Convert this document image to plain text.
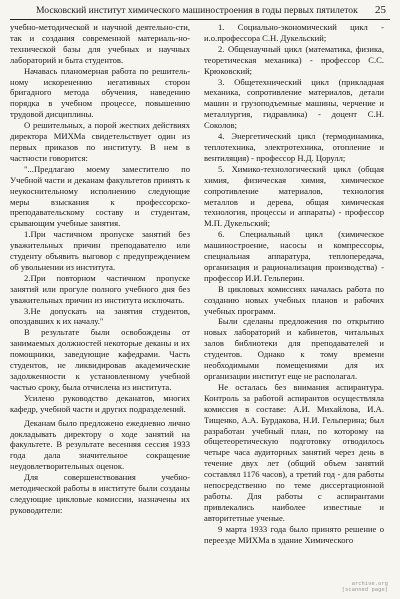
Московский институт химического машиностроения в годы первых пятилеток 25

учебно-методической и научной деятельно-сти, так и создания современной материаль-но-технической базы для учебных и научных лабораторий и быта студентов.

Начавась планомерная работа по решитель-ному искоренению негативных сторон бригадного метода обучения, наведению порядка в учебном процессе, повышению трудовой дисциплины.

О решительных, а порой жестких действиях директора МИХМа свидетельствует один из первых приказов по институту. В нем в частности говорится:

"...Предлагаю моему заместителю по Учебной части и деканам факультетов принять к неукоснительному исполнению следующие меры взыскания к профессорско-преподавательскому составу и студентам, срывающим учебные занятия.

1.При частичном пропуске занятий без уважительных причин преподавателю или студенту объявить выговор с предупреждением об увольнении из института.

2.При повторном частичном пропуске занятий или прогуле полного учебного дня без уважительных причин из института исключать.

3.Не допускать на занятия студентов, опоздавших к их началу."

В результате были освобождены от занимаемых должностей некоторые деканы и их помощники, заведующие кафедрами. Часть студентов, не ликвидировав академические задолженности к установленному учебной частью сроку, была отчислена из института.

Усилено руководство деканатов, многих кафедр, учебной части и других подразделений.

Деканам было предложено ежедневно лично докладывать директору о ходе занятий на факультете. В результате весенняя сессия 1933 года дала значительное сокращение неудовлетворительных оценок.

Для совершенствования учебно-методической работы в институте были созданы следующие цикловые комиссии, назначены их руководители:

1. Социально-экономический цикл - и.о.профессора С.Н. Дукельский;

2. Общенаучный цикл (математика, физика, теоретическая механика) - профессор С.С. Крюковский;

3. Общетехнический цикл (прикладная механика, сопротивление материалов, детали машин и грузоподъемные машины, черчение и металлургия, гидравлика) - доцент С.Н. Соколов;

4. Энергетический цикл (термодинамика, теплотехника, электротехника, отопление и вентиляция) - профессор Н.Д. Цорулл;

5. Химико-технологический цикл (общая химия, физическая химия, химическое сопротивление материалов, технология металлов и дерева, общая химическая технология, процессы и аппараты) - профессор М.П. Дукельский;

6. Специальный цикл (химическое машиностроение, насосы и компрессоры, специальная аппаратура, теплопередача, организация и рационализация производства) - профессор И.И. Гельперин.

В цикловых комиссиях началась работа по созданию новых учебных планов и рабочих учебных программ.

Были сделаны предложения по открытию новых лабораторий и кабинетов, читальных залов библиотеки для преподавателей и студентов. Однако к тому времени необходимыми помещениями для их организации институт еще не располагал.

Не осталась без внимания аспирантура. Контроль за работой аспирантов осуществляла комиссия в составе: А.И. Михайлова, И.А. Тищенко, А.А. Бурдакова, Н.И. Гельперина; был разработан учебный план, по которому на общетеоретическую подготовку отводилось четыре часа аудиторных занятий через день в течение двух лет (общий объем занятий составлял 1176 часов), а третий год - для работы непосредственно по теме диссертационной работы. Для работы с аспирантами привлекались наиболее известные и авторитетные ученые.

9 марта 1933 года было принято решение о переезде МИХМа в здание Химического

archive.org
[scanned page]
